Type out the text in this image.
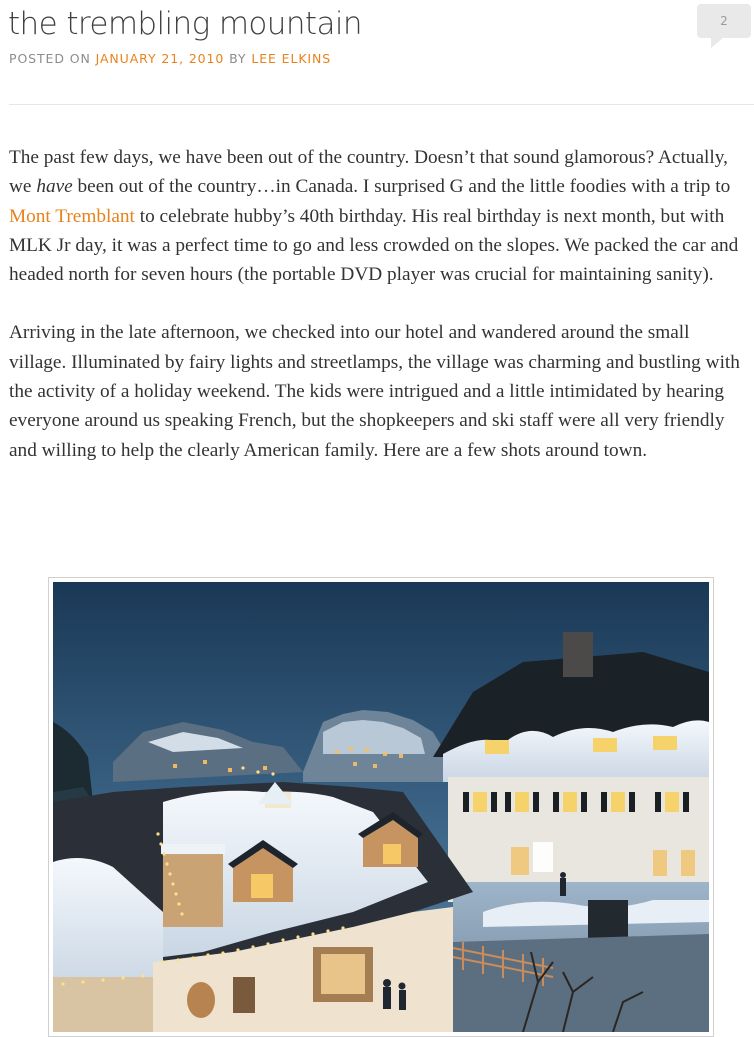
the trembling mountain	2
POSTED ON JANUARY 21, 2010 BY LEE ELKINS

The past few days, we have been out of the country. Doesn’t that sound glamorous? Actually, we have been out of the country…in Canada. I surprised G and the little foodies with a trip to Mont Tremblant to celebrate hubby’s 40th birthday. His real birthday is next month, but with MLK Jr day, it was a perfect time to go and less crowded on the slopes. We packed the car and headed north for seven hours (the portable DVD player was crucial for maintaining sanity).

Arriving in the late afternoon, we checked into our hotel and wandered around the small village. Illuminated by fairy lights and streetlamps, the village was charming and bustling with the activity of a holiday weekend. The kids were intrigued and a little intimidated by hearing everyone around us speaking French, but the shopkeepers and ski staff were all very friendly and willing to help the clearly American family. Here are a few shots around town.
